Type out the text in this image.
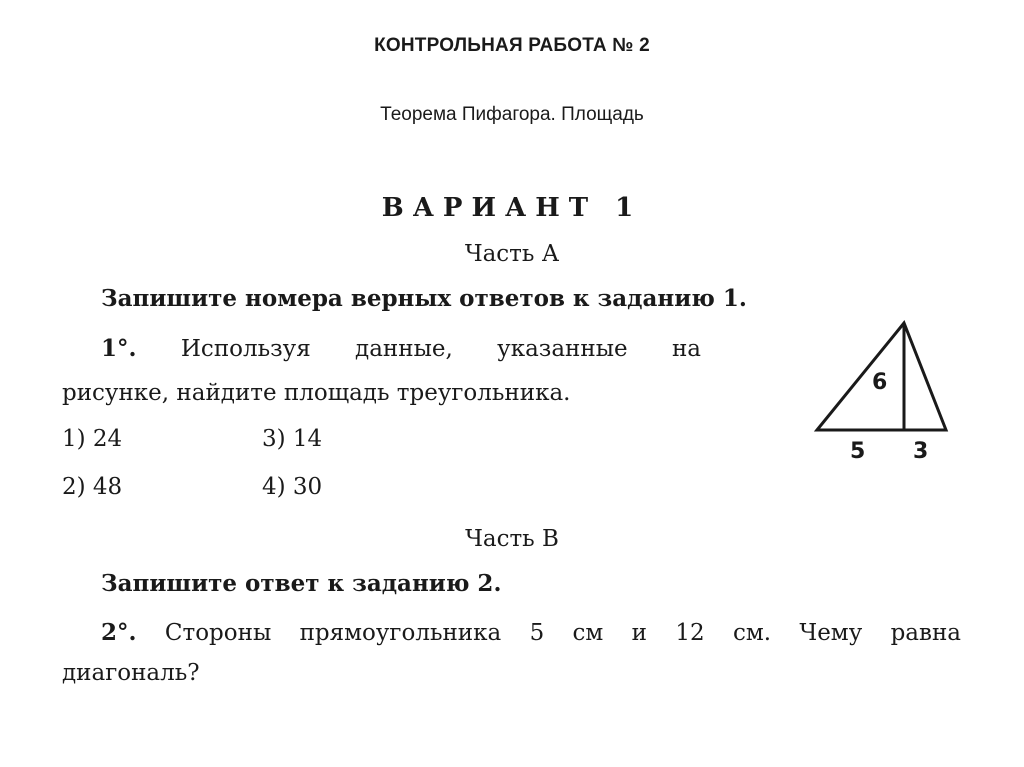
КОНТРОЛЬНАЯ РАБОТА № 2
Теорема Пифагора. Площадь
ВАРИАНТ 1
Часть А
Запишите номера верных ответов к заданию 1.
1°. Используя данные, указанные на
рисунке, найдите площадь треугольника.
1) 24	3) 14
2) 48	4) 30
6
5 3
Часть В
Запишите ответ к заданию 2.
2°. Стороны прямоугольника 5 см и 12 см. Чему равна
диагональ?
